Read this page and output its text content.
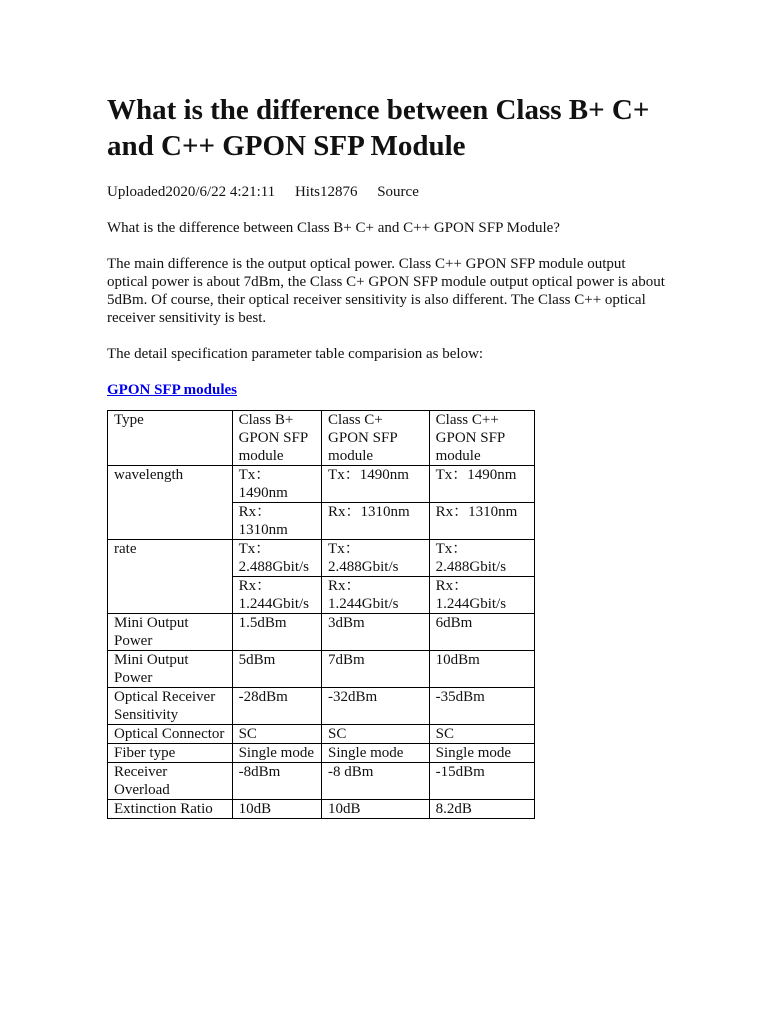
What is the difference between Class B+ C+ and C++ GPON SFP Module
Uploaded2020/6/22 4:21:11 Hits12876 Source

What is the difference between Class B+ C+ and C++ GPON SFP Module?

The main difference is the output optical power. Class C++ GPON SFP module output optical power is about 7dBm, the Class C+ GPON SFP module output optical power is about 5dBm. Of course, their optical receiver sensitivity is also different. The Class C++ optical receiver sensitivity is best.

The detail specification parameter table comparision as below:

GPON SFP modules
Type	Class B+ GPON SFP module	Class C+ GPON SFP module	Class C++ GPON SFP module
wavelength	Tx：1490nm	Tx：1490nm	Tx：1490nm
	Rx：1310nm	Rx：1310nm	Rx：1310nm
rate	Tx：2.488Gbit/s	Tx：2.488Gbit/s	Tx：2.488Gbit/s
	Rx：1.244Gbit/s	Rx：1.244Gbit/s	Rx：1.244Gbit/s
Mini Output Power	1.5dBm	3dBm	6dBm
Mini Output Power	5dBm	7dBm	10dBm
Optical Receiver Sensitivity	-28dBm	-32dBm	-35dBm
Optical Connector	SC	SC	SC
Fiber type	Single mode	Single mode	Single mode
Receiver Overload	-8dBm	-8 dBm	-15dBm
Extinction Ratio	10dB	10dB	8.2dB
